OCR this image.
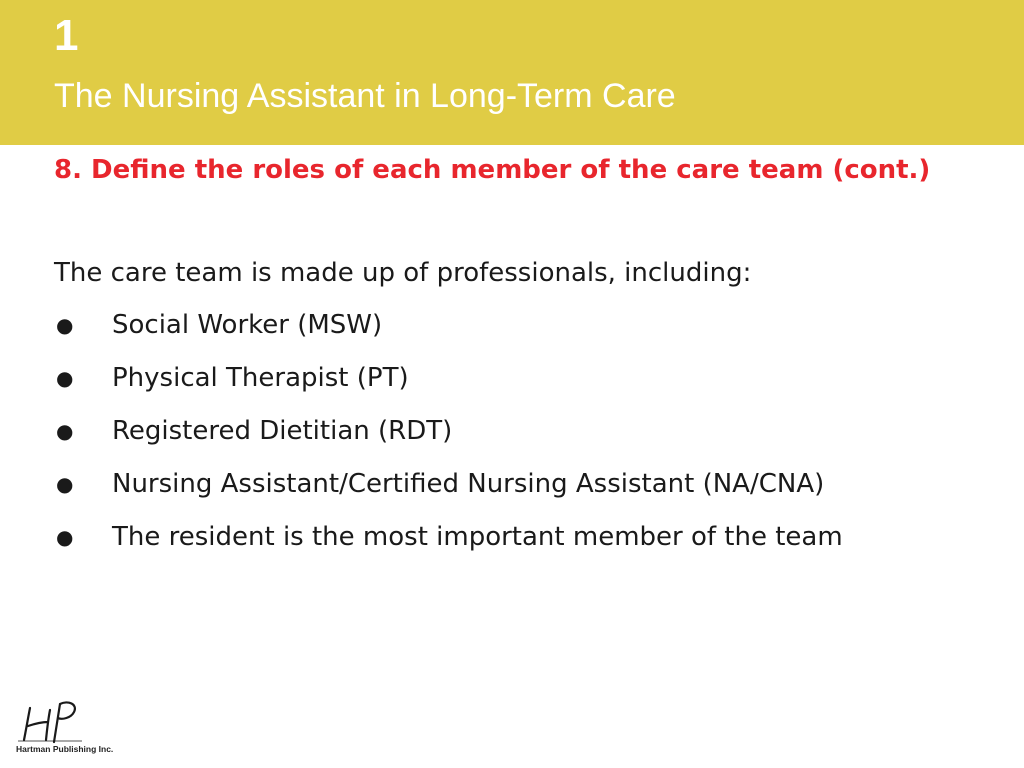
1
The Nursing Assistant in Long-Term Care
8. Define the roles of each member of the care team (cont.)
The care team is made up of professionals, including:
● Social Worker (MSW)
● Physical Therapist (PT)
● Registered Dietitian (RDT)
● Nursing Assistant/Certified Nursing Assistant (NA/CNA)
● The resident is the most important member of the team
Hartman Publishing Inc.
